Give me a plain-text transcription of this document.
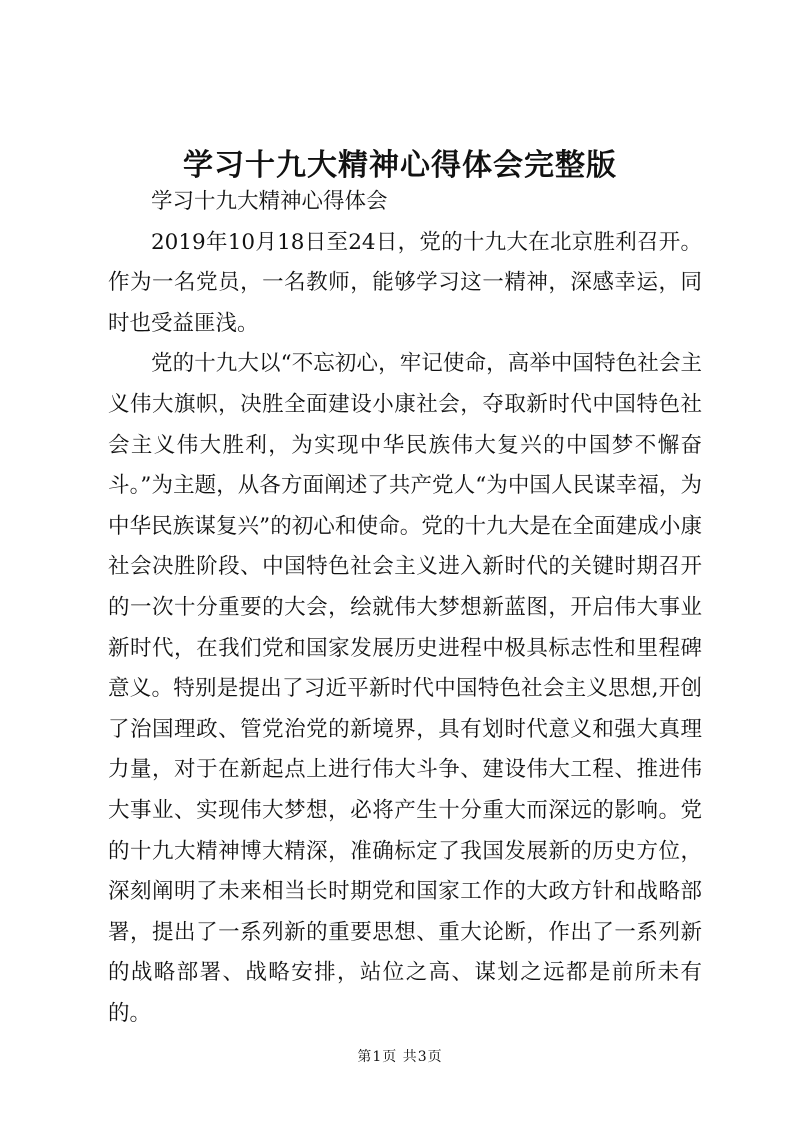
学习十九大精神心得体会完整版

学习十九大精神心得体会

2019年10月18日至24日，党的十九大在北京胜利召开。作为一名党员，一名教师，能够学习这一精神，深感幸运，同时也受益匪浅。

党的十九大以“不忘初心，牢记使命，高举中国特色社会主义伟大旗帜，决胜全面建设小康社会，夺取新时代中国特色社会主义伟大胜利，为实现中华民族伟大复兴的中国梦不懈奋斗。”为主题，从各方面阐述了共产党人“为中国人民谋幸福，为中华民族谋复兴”的初心和使命。党的十九大是在全面建成小康社会决胜阶段、中国特色社会主义进入新时代的关键时期召开的一次十分重要的大会，绘就伟大梦想新蓝图，开启伟大事业新时代，在我们党和国家发展历史进程中极具标志性和里程碑意义。特别是提出了习近平新时代中国特色社会主义思想,开创了治国理政、管党治党的新境界，具有划时代意义和强大真理力量，对于在新起点上进行伟大斗争、建设伟大工程、推进伟大事业、实现伟大梦想，必将产生十分重大而深远的影响。党的十九大精神博大精深，准确标定了我国发展新的历史方位，深刻阐明了未来相当长时期党和国家工作的大政方针和战略部署，提出了一系列新的重要思想、重大论断，作出了一系列新的战略部署、战略安排，站位之高、谋划之远都是前所未有的。

第1页 共3页
